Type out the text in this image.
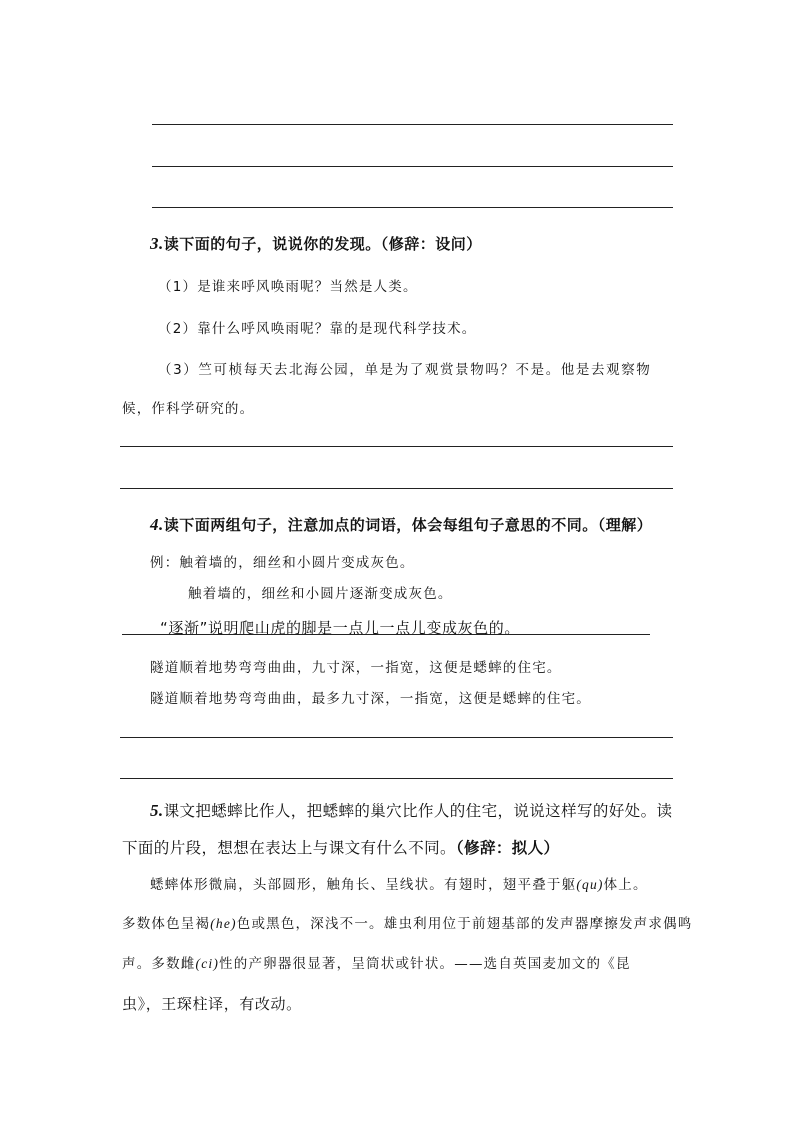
3.读下面的句子，说说你的发现。（修辞：设问）
（1）是谁来呼风唤雨呢？当然是人类。
（2）靠什么呼风唤雨呢？靠的是现代科学技术。
（3）竺可桢每天去北海公园，单是为了观赏景物吗？不是。他是去观察物
候，作科学研究的。
4.读下面两组句子，注意加点的词语，体会每组句子意思的不同。（理解）
例：触着墙的，细丝和小圆片变成灰色。
触着墙的，细丝和小圆片逐渐变成灰色。
“逐渐”说明爬山虎的脚是一点儿一点儿变成灰色的。
隧道顺着地势弯弯曲曲，九寸深，一指宽，这便是蟋蟀的住宅。
隧道顺着地势弯弯曲曲，最多九寸深，一指宽，这便是蟋蟀的住宅。
5.课文把蟋蟀比作人，把蟋蟀的巢穴比作人的住宅，说说这样写的好处。读
下面的片段，想想在表达上与课文有什么不同。（修辞：拟人）
蟋蟀体形微扁，头部圆形，触角长、呈线状。有翅时，翅平叠于躯(qu)体上。
多数体色呈褐(he)色或黑色，深浅不一。雄虫利用位于前翅基部的发声器摩擦发声求偶鸣
声。多数雌(ci)性的产卵器很显著，呈筒状或针状。——选自英国麦加文的《昆
虫》，王琛柱译，有改动。
